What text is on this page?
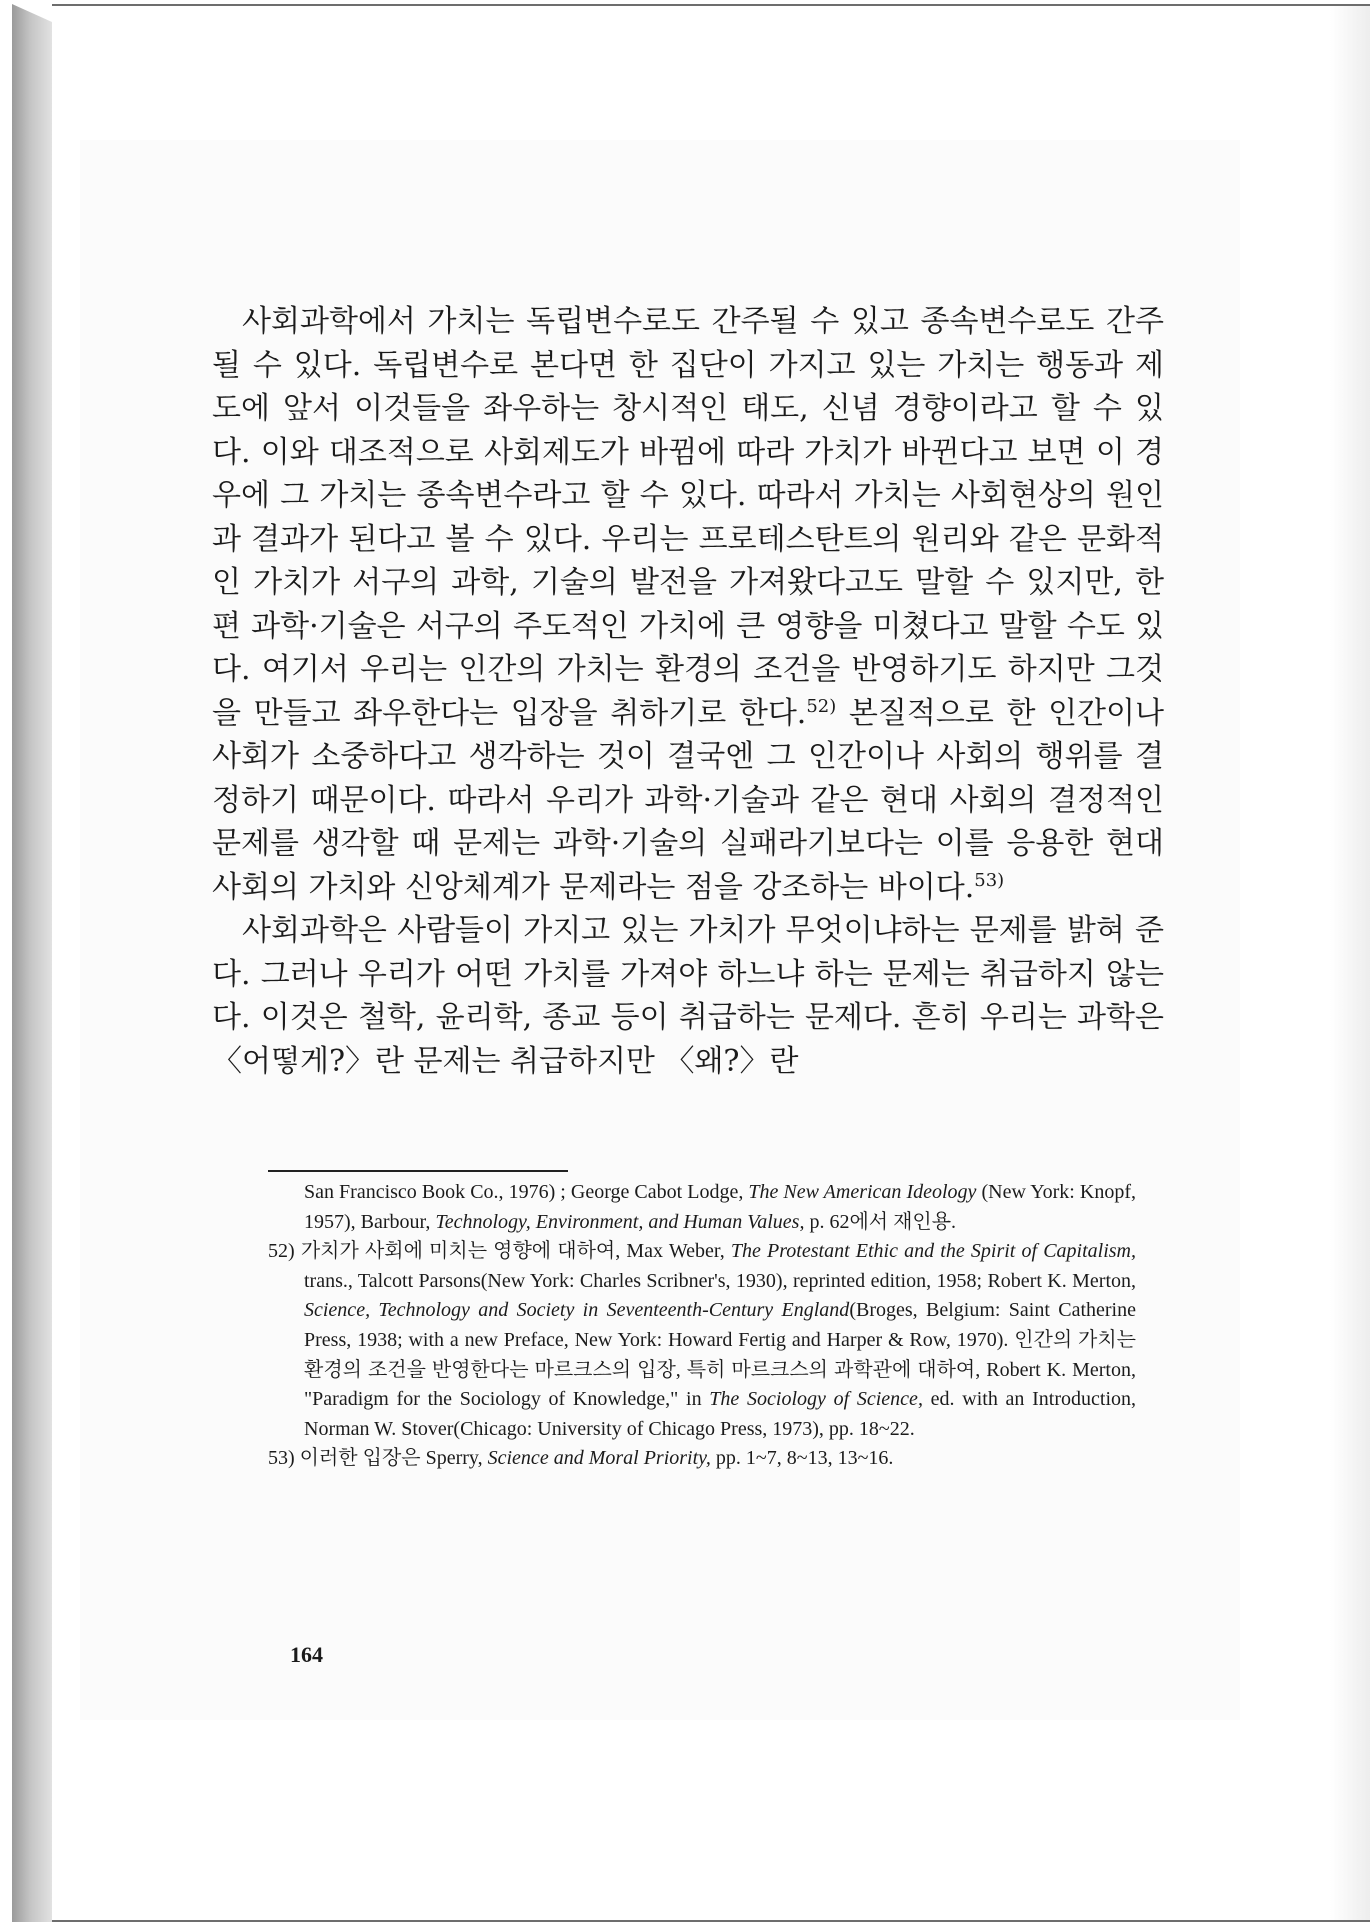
사회과학에서 가치는 독립변수로도 간주될 수 있고 종속변수로도 간주될 수 있다. 독립변수로 본다면 한 집단이 가지고 있는 가치는 행동과 제도에 앞서 이것들을 좌우하는 창시적인 태도, 신념 경향이라고 할 수 있다. 이와 대조적으로 사회제도가 바뀜에 따라 가치가 바뀐다고 보면 이 경우에 그 가치는 종속변수라고 할 수 있다. 따라서 가치는 사회현상의 원인과 결과가 된다고 볼 수 있다. 우리는 프로테스탄트의 원리와 같은 문화적인 가치가 서구의 과학, 기술의 발전을 가져왔다고도 말할 수 있지만, 한편 과학·기술은 서구의 주도적인 가치에 큰 영향을 미쳤다고 말할 수도 있다. 여기서 우리는 인간의 가치는 환경의 조건을 반영하기도 하지만 그것을 만들고 좌우한다는 입장을 취하기로 한다.$^{52)}$ 본질적으로 한 인간이나 사회가 소중하다고 생각하는 것이 결국엔 그 인간이나 사회의 행위를 결정하기 때문이다. 따라서 우리가 과학·기술과 같은 현대 사회의 결정적인 문제를 생각할 때 문제는 과학·기술의 실패라기보다는 이를 응용한 현대 사회의 가치와 신앙체계가 문제라는 점을 강조하는 바이다.$^{53)}$

사회과학은 사람들이 가지고 있는 가치가 무엇이냐하는 문제를 밝혀 준다. 그러나 우리가 어떤 가치를 가져야 하느냐 하는 문제는 취급하지 않는다. 이것은 철학, 윤리학, 종교 등이 취급하는 문제다. 흔히 우리는 과학은 〈어떻게?〉란 문제는 취급하지만 〈왜?〉란

San Francisco Book Co., 1976) ; George Cabot Lodge, The New American Ideology (New York: Knopf, 1957), Barbour, Technology, Environment, and Human Values, p. 62에서 재인용.

52) 가치가 사회에 미치는 영향에 대하여, Max Weber, The Protestant Ethic and the Spirit of Capitalism, trans., Talcott Parsons(New York: Charles Scribner's, 1930), reprinted edition, 1958; Robert K. Merton, Science, Technology and Society in Seventeenth-Century England(Broges, Belgium: Saint Catherine Press, 1938; with a new Preface, New York: Howard Fertig and Harper & Row, 1970). 인간의 가치는 환경의 조건을 반영한다는 마르크스의 입장, 특히 마르크스의 과학관에 대하여, Robert K. Merton, "Paradigm for the Sociology of Knowledge," in The Sociology of Science, ed. with an Introduction, Norman W. Stover(Chicago: University of Chicago Press, 1973), pp. 18~22.

53) 이러한 입장은 Sperry, Science and Moral Priority, pp. 1~7, 8~13, 13~16.

164
